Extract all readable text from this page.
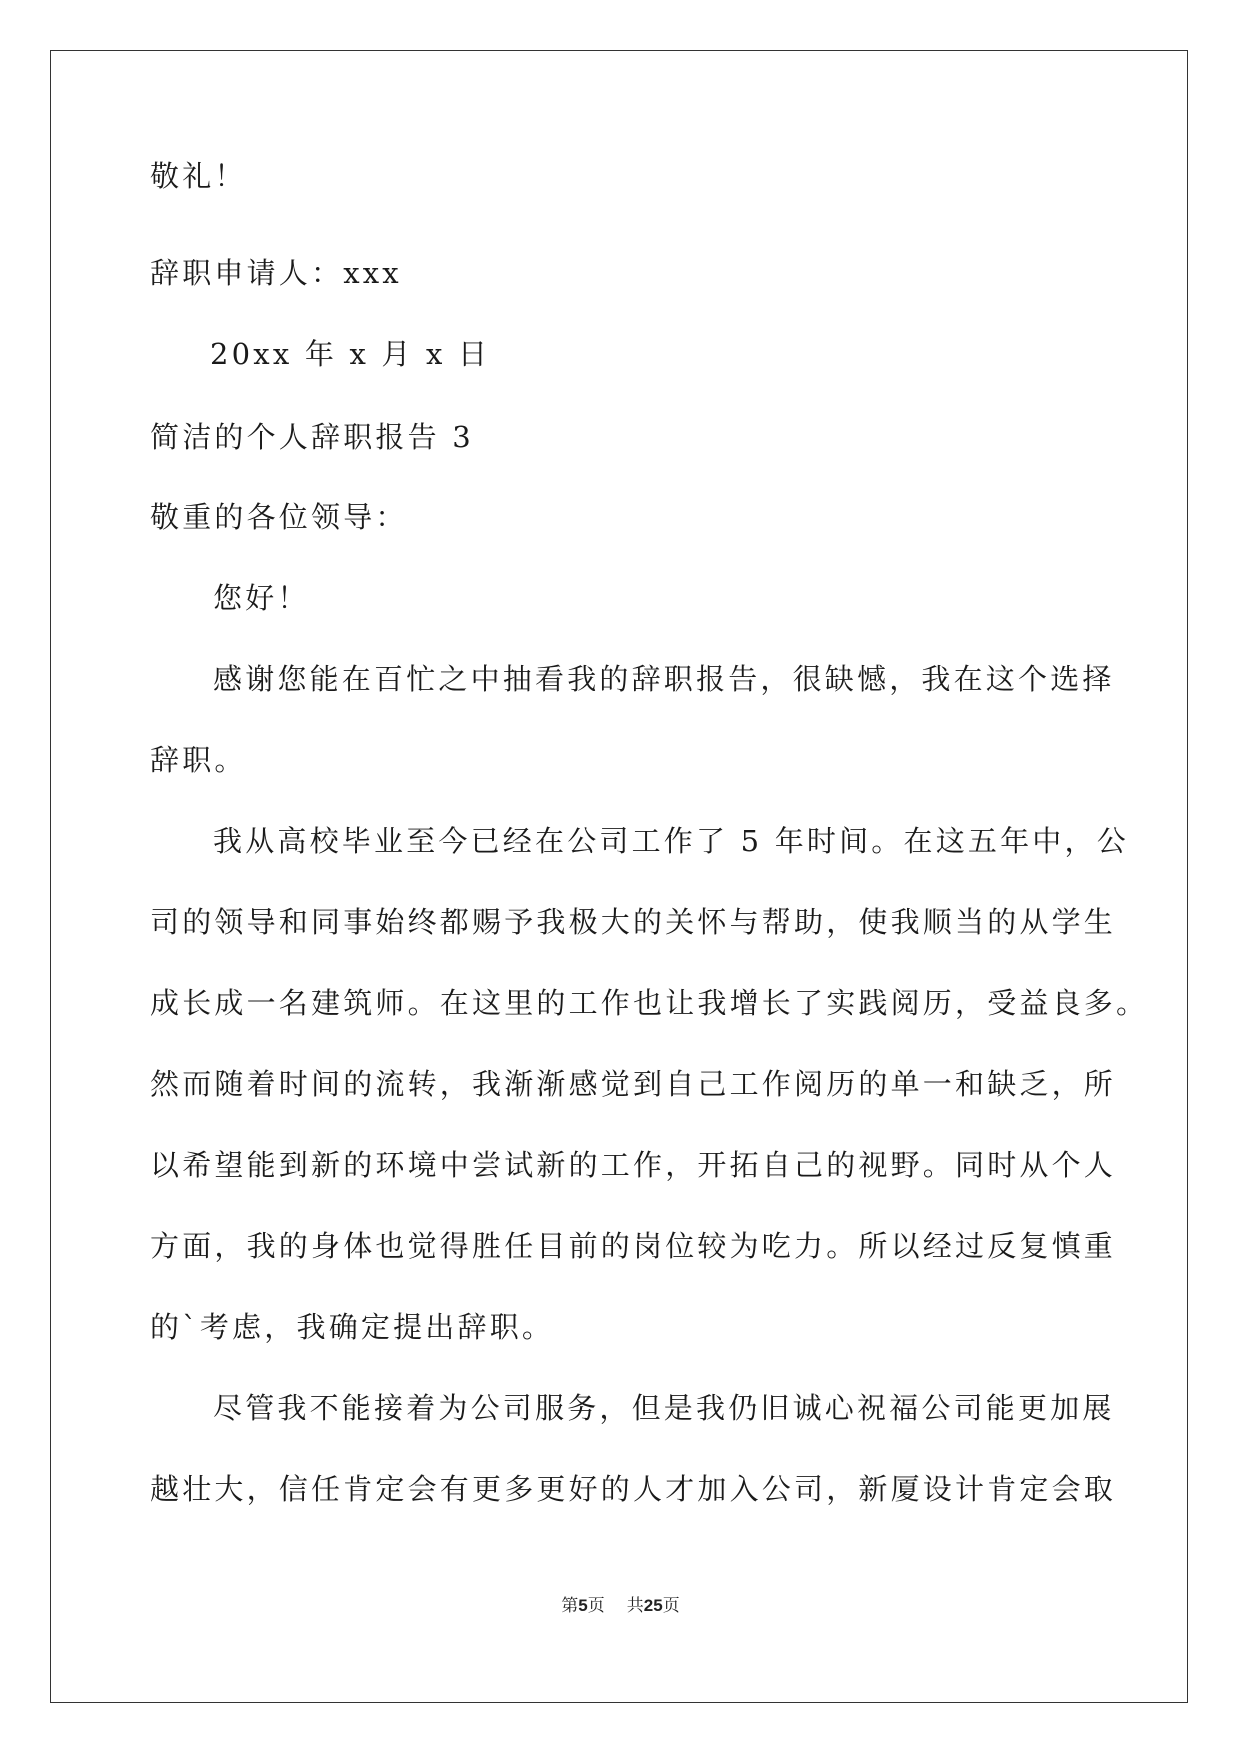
敬礼！

辞职申请人：xxx

20xx 年 x 月 x 日

简洁的个人辞职报告 3

敬重的各位领导：

您好！

感谢您能在百忙之中抽看我的辞职报告，很缺憾，我在这个选择

辞职。

我从高校毕业至今已经在公司工作了 5 年时间。在这五年中，公

司的领导和同事始终都赐予我极大的关怀与帮助，使我顺当的从学生

成长成一名建筑师。在这里的工作也让我增长了实践阅历，受益良多。

然而随着时间的流转，我渐渐感觉到自己工作阅历的单一和缺乏，所

以希望能到新的环境中尝试新的工作，开拓自己的视野。同时从个人

方面，我的身体也觉得胜任目前的岗位较为吃力。所以经过反复慎重

的`考虑，我确定提出辞职。

尽管我不能接着为公司服务，但是我仍旧诚心祝福公司能更加展

越壮大，信任肯定会有更多更好的人才加入公司，新厦设计肯定会取

第5页 共25页
